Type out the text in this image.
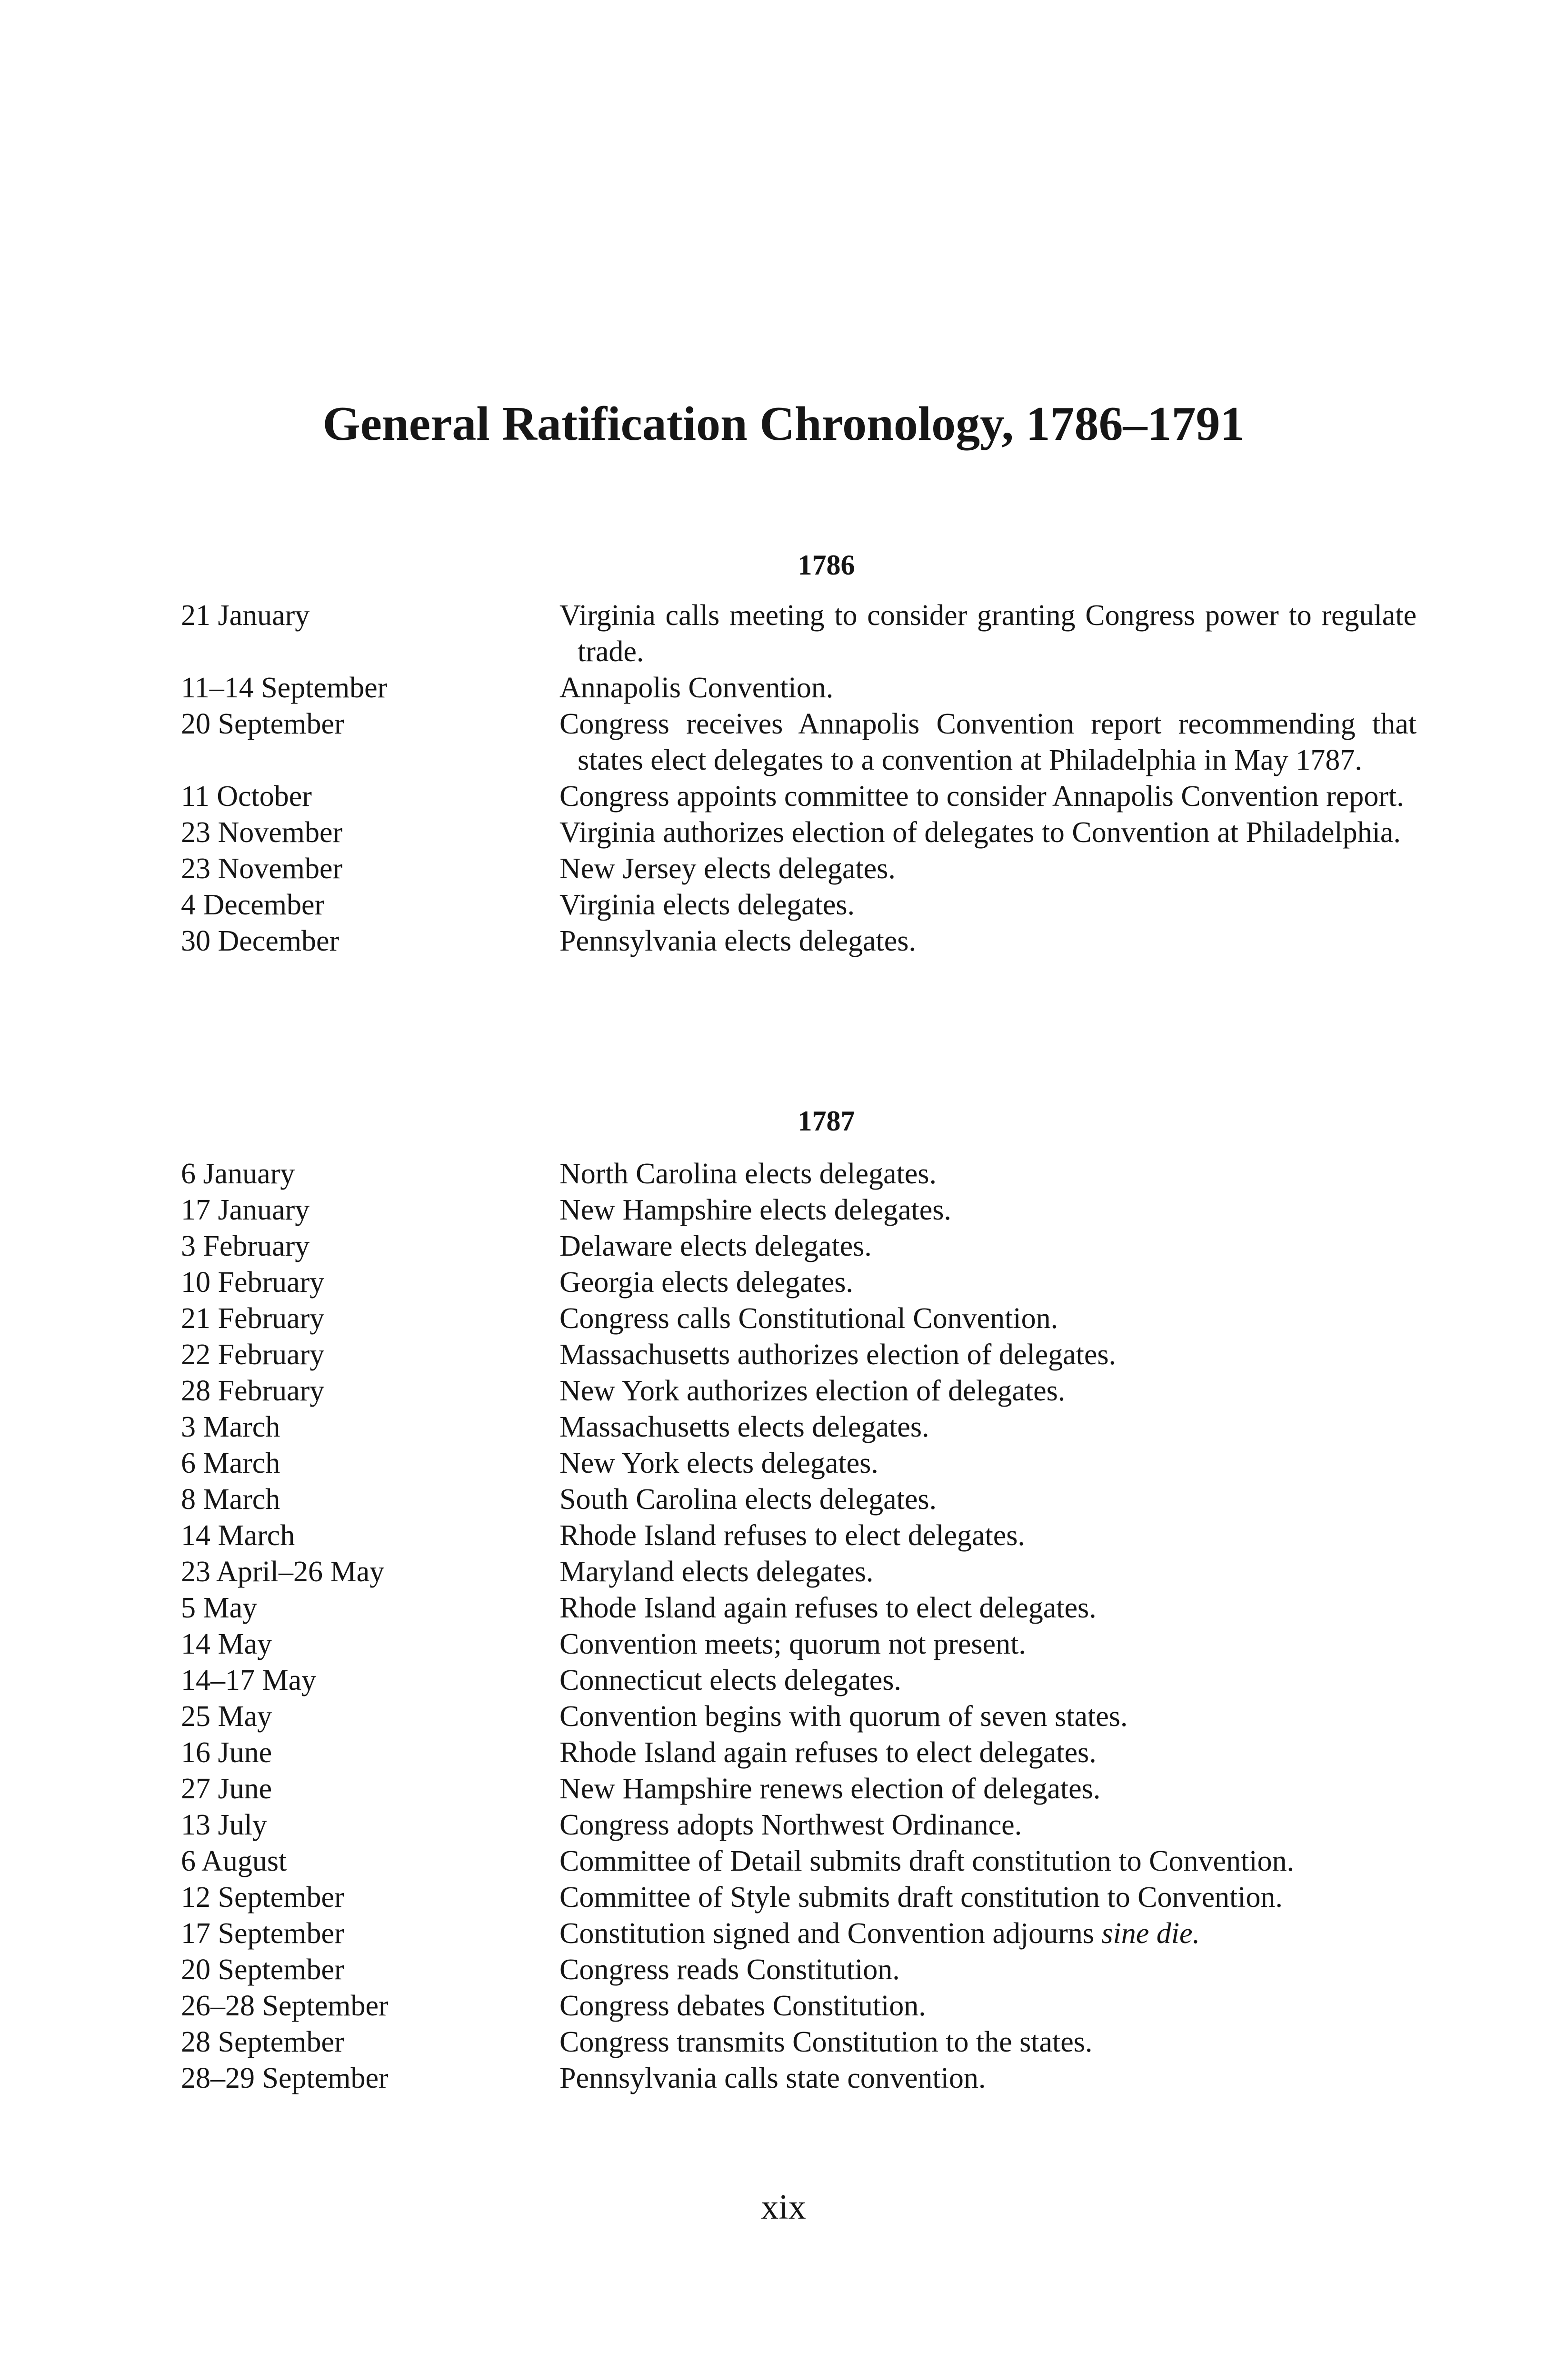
General Ratification Chronology, 1786–1791
1786
21 January	Virginia calls meeting to consider granting Congress power to regulate trade.
11–14 September	Annapolis Convention.
20 September	Congress receives Annapolis Convention report recommending that states elect delegates to a convention at Philadelphia in May 1787.
11 October	Congress appoints committee to consider Annapolis Convention report.
23 November	Virginia authorizes election of delegates to Convention at Philadelphia.
23 November	New Jersey elects delegates.
4 December	Virginia elects delegates.
30 December	Pennsylvania elects delegates.
1787
6 January	North Carolina elects delegates.
17 January	New Hampshire elects delegates.
3 February	Delaware elects delegates.
10 February	Georgia elects delegates.
21 February	Congress calls Constitutional Convention.
22 February	Massachusetts authorizes election of delegates.
28 February	New York authorizes election of delegates.
3 March	Massachusetts elects delegates.
6 March	New York elects delegates.
8 March	South Carolina elects delegates.
14 March	Rhode Island refuses to elect delegates.
23 April–26 May	Maryland elects delegates.
5 May	Rhode Island again refuses to elect delegates.
14 May	Convention meets; quorum not present.
14–17 May	Connecticut elects delegates.
25 May	Convention begins with quorum of seven states.
16 June	Rhode Island again refuses to elect delegates.
27 June	New Hampshire renews election of delegates.
13 July	Congress adopts Northwest Ordinance.
6 August	Committee of Detail submits draft constitution to Convention.
12 September	Committee of Style submits draft constitution to Convention.
17 September	Constitution signed and Convention adjourns sine die.
20 September	Congress reads Constitution.
26–28 September	Congress debates Constitution.
28 September	Congress transmits Constitution to the states.
28–29 September	Pennsylvania calls state convention.
xix
